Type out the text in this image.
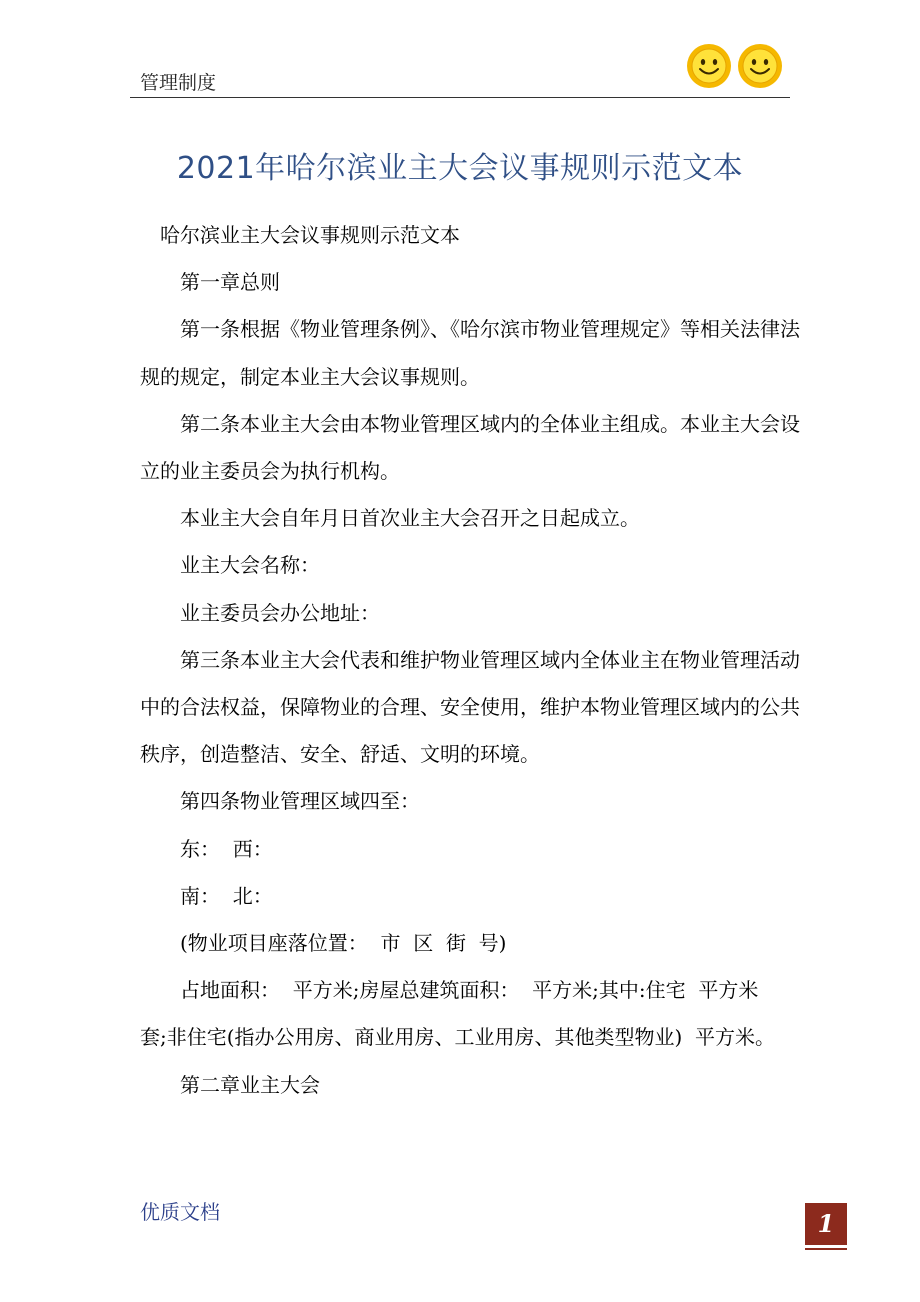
管理制度
2021年哈尔滨业主大会议事规则示范文本

哈尔滨业主大会议事规则示范文本

第一章总则

第一条根据《物业管理条例》、《哈尔滨市物业管理规定》等相关法律法规的规定，制定本业主大会议事规则。

第二条本业主大会由本物业管理区域内的全体业主组成。本业主大会设立的业主委员会为执行机构。

本业主大会自年月日首次业主大会召开之日起成立。

业主大会名称：

业主委员会办公地址：

第三条本业主大会代表和维护物业管理区域内全体业主在物业管理活动中的合法权益，保障物业的合理、安全使用，维护本物业管理区域内的公共秩序，创造整洁、安全、舒适、文明的环境。

第四条物业管理区域四至：

东：  西：

南：  北：

(物业项目座落位置：  市  区  街  号)

占地面积：  平方米;房屋总建筑面积：  平方米;其中:住宅  平方米     套;非住宅(指办公用房、商业用房、工业用房、其他类型物业)  平方米。

第二章业主大会

优质文档	1
